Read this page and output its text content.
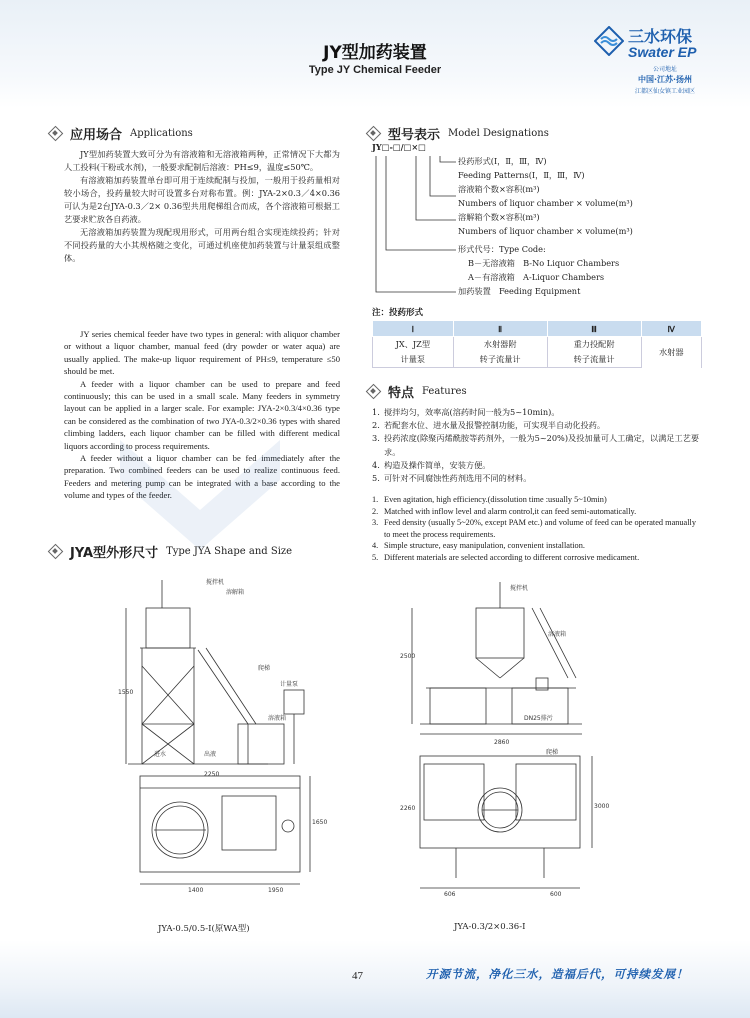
JY型加药装置
Type JY Chemical Feeder
三水环保
Swater EP
公司地址
中国·江苏·扬州
江都区仙女镇工业园区
应用场合 Applications

JY型加药装置大致可分为有溶液箱和无溶液箱两种，正常情况下大都为人工投料(干粉或水剂)，一般要求配制后溶液：PH≤9，温度≤50℃。

有溶液箱加药装置单台即可用于连续配制与投加，一般用于投药量相对较小场合，投药量较大时可设置多台对称布置。例：JYA-2×0.3／4×0.36可认为是2台JYA-0.3／2× 0.36型共用爬梯组合而成，各个溶液箱可根据工艺要求贮放各自药液。

无溶液箱加药装置为现配现用形式，可用两台组合实现连续投药；针对不同投药量的大小其规格随之变化，可通过机座使加药装置与计量泵组成整体。

JY series chemical feeder have two types in general: with aliquor chamber or without a liquor chamber, manual feed (dry powder or water aqua) are usually applied. The make-up liquor requirement of PH≤9, temperature ≤50 should be met.

A feeder with a liquor chamber can be used to prepare and feed continuously; this can be used in a small scale. Many feeders in symmetry layout can be applied in a larger scale. For example: JYA-2×0.3/4×0.36 type can be considered as the combination of two JYA-0.3/2×0.36 types with shared climbing ladders, each liquor chamber can be filled with different medical liquors according to process requirements.

A feeder without a liquor chamber can be fed immediately after the preparation. Two combined feeders can be used to realize continuous feed. Feeders and metering pump can be integrated with a base according to the volume and types of the feeder.

型号表示 Model Designations
JY□-□/□×□
投药形式(Ⅰ，Ⅱ，Ⅲ，Ⅳ)
Feeding Patterns(Ⅰ，Ⅱ，Ⅲ，Ⅳ)
溶液箱个数×容积(m³)
Numbers of liquor chamber × volume(m³)
溶解箱个数×容积(m³)
Numbers of liquor chamber × volume(m³)
形式代号：Type Code:
B－无溶液箱　B-No Liquor Chambers
A－有溶液箱　A-Liquor Chambers
加药装置　Feeding Equipment
注：投药形式
Ⅰ	Ⅱ	Ⅲ	Ⅳ
JX、JZ型	水射器附	重力投配附	水射器
计量泵	转子流量计	转子流量计	
特点 Features
1. 搅拌均匀，效率高(溶药时间一般为5~10min)。
2. 若配套水位、进水量及报警控制功能，可实现半自动化投药。
3. 投药浓度(除聚丙烯酰胺等药剂外，一般为5~20%)及投加量可人工确定，以满足工艺要求。
4. 构造及操作简单，安装方便。
5. 可针对不同腐蚀性药剂选用不同的材料。
1. Even agitation, high efficiency.(dissolution time :usually 5~10min)
2. Matched with inflow level and alarm control,it can feed semi-automatically.
3. Feed density (usually 5~20%, except PAM etc.) and volume of feed can be operated manually to meet the process requirements.
4. Simple structure, easy manipulation, convenient installation.
5. Different materials are selected according to different corrosive medicament.
JYA型外形尺寸 Type JYA Shape and Size
搅拌机
溶解箱
爬梯
溶液箱
进水	出液
计量泵
1400	1950
2250
1650
1550
JYA-0.5/0.5-Ⅰ(原WA型)
搅拌机
爬梯
溶液箱
DN25排污
2860
2500
2260	3000
600
606
JYA-0.3/2×0.36-Ⅰ
47	开源节流，净化三水，造福后代，可持续发展！
